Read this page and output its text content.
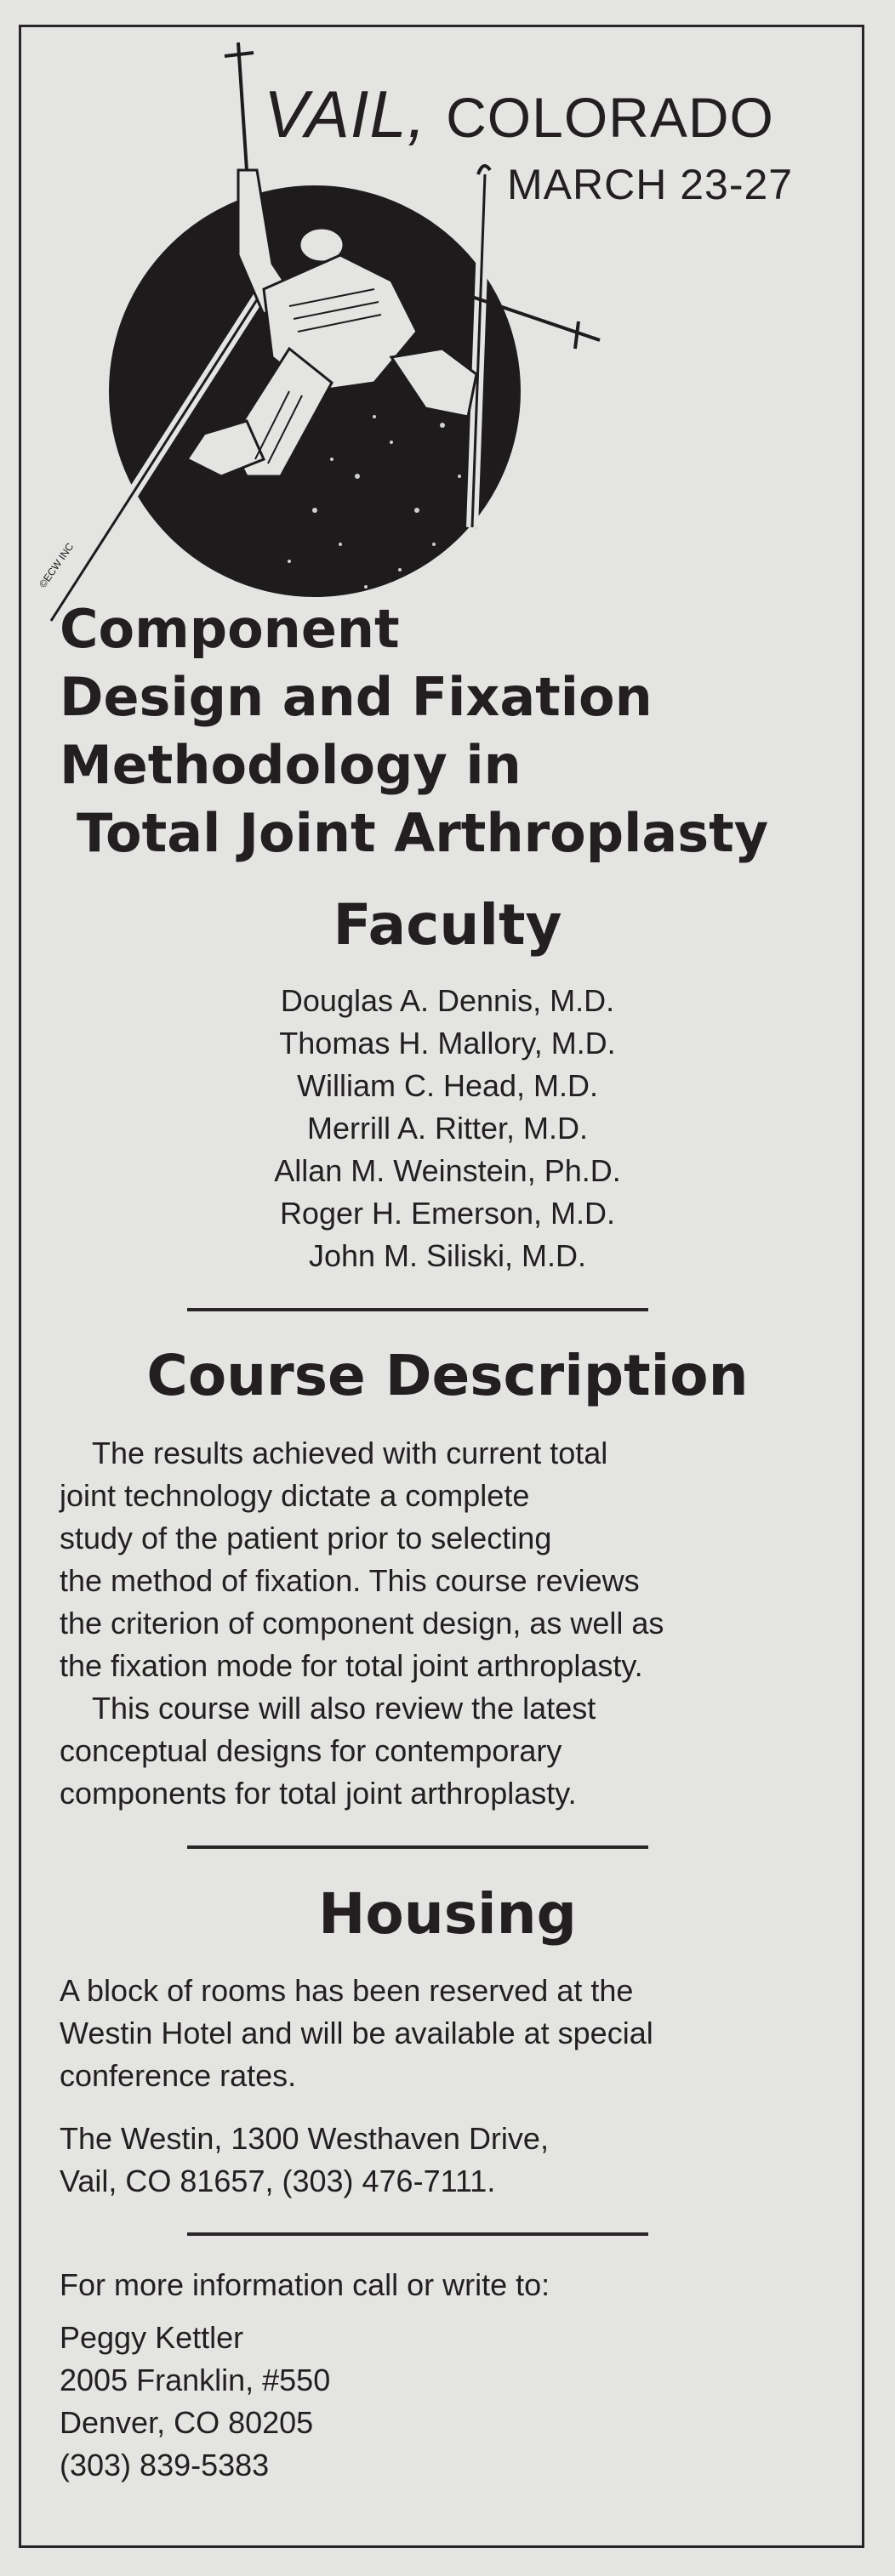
©ECW INC
VAIL, COLORADO
MARCH 23-27
Component
Design and Fixation
Methodology in
Total Joint Arthroplasty
Faculty
Douglas A. Dennis, M.D.
Thomas H. Mallory, M.D.
William C. Head, M.D.
Merrill A. Ritter, M.D.
Allan M. Weinstein, Ph.D.
Roger H. Emerson, M.D.
John M. Siliski, M.D.
Course Description
The results achieved with current total
joint technology dictate a complete
study of the patient prior to selecting
the method of fixation. This course reviews
the criterion of component design, as well as
the fixation mode for total joint arthroplasty.
This course will also review the latest
conceptual designs for contemporary
components for total joint arthroplasty.
Housing
A block of rooms has been reserved at the
Westin Hotel and will be available at special
conference rates.
The Westin, 1300 Westhaven Drive,
Vail, CO 81657, (303) 476-7111.
For more information call or write to:
Peggy Kettler
2005 Franklin, #550
Denver, CO 80205
(303) 839-5383
